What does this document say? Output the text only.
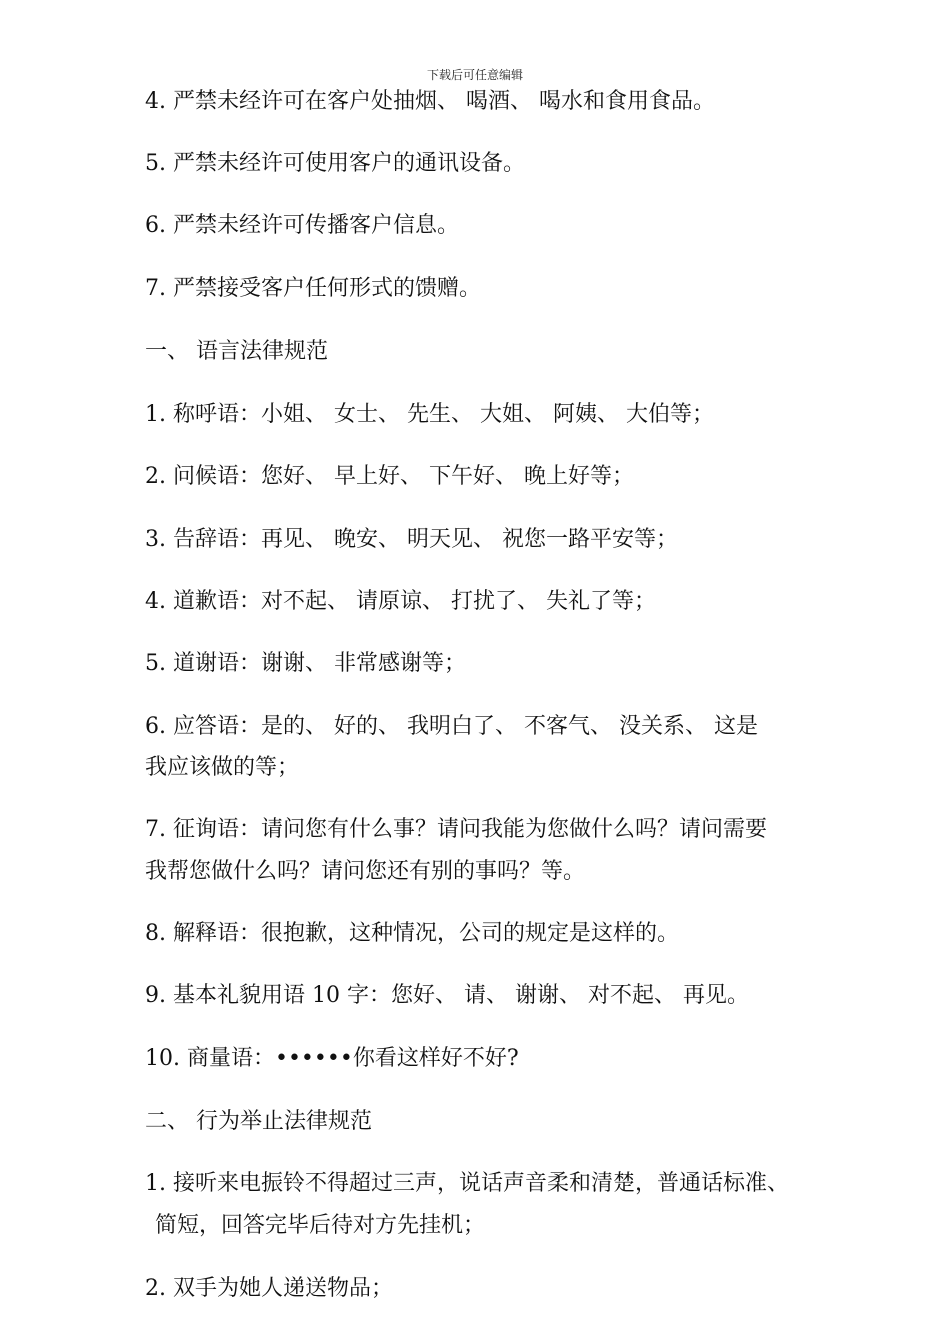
下载后可任意编辑
4. 严禁未经许可在客户处抽烟、 喝酒、 喝水和食用食品。
5. 严禁未经许可使用客户的通讯设备。
6. 严禁未经许可传播客户信息。
7. 严禁接受客户任何形式的馈赠。
一、 语言法律规范
1. 称呼语：小姐、 女士、 先生、 大姐、 阿姨、 大伯等；
2. 问候语：您好、 早上好、 下午好、 晚上好等；
3. 告辞语：再见、 晚安、 明天见、 祝您一路平安等；
4. 道歉语：对不起、 请原谅、 打扰了、 失礼了等；
5. 道谢语：谢谢、 非常感谢等；
6. 应答语：是的、 好的、 我明白了、 不客气、 没关系、 这是
我应该做的等；
7. 征询语：请问您有什么事？请问我能为您做什么吗？请问需要
我帮您做什么吗？请问您还有别的事吗？等。
8. 解释语：很抱歉，这种情况，公司的规定是这样的。
9. 基本礼貌用语 10 字：您好、 请、 谢谢、 对不起、 再见。
10. 商量语：••••••你看这样好不好?
二、 行为举止法律规范
1. 接听来电振铃不得超过三声，说话声音柔和清楚，普通话标准、
简短，回答完毕后待对方先挂机；
2. 双手为她人递送物品；
